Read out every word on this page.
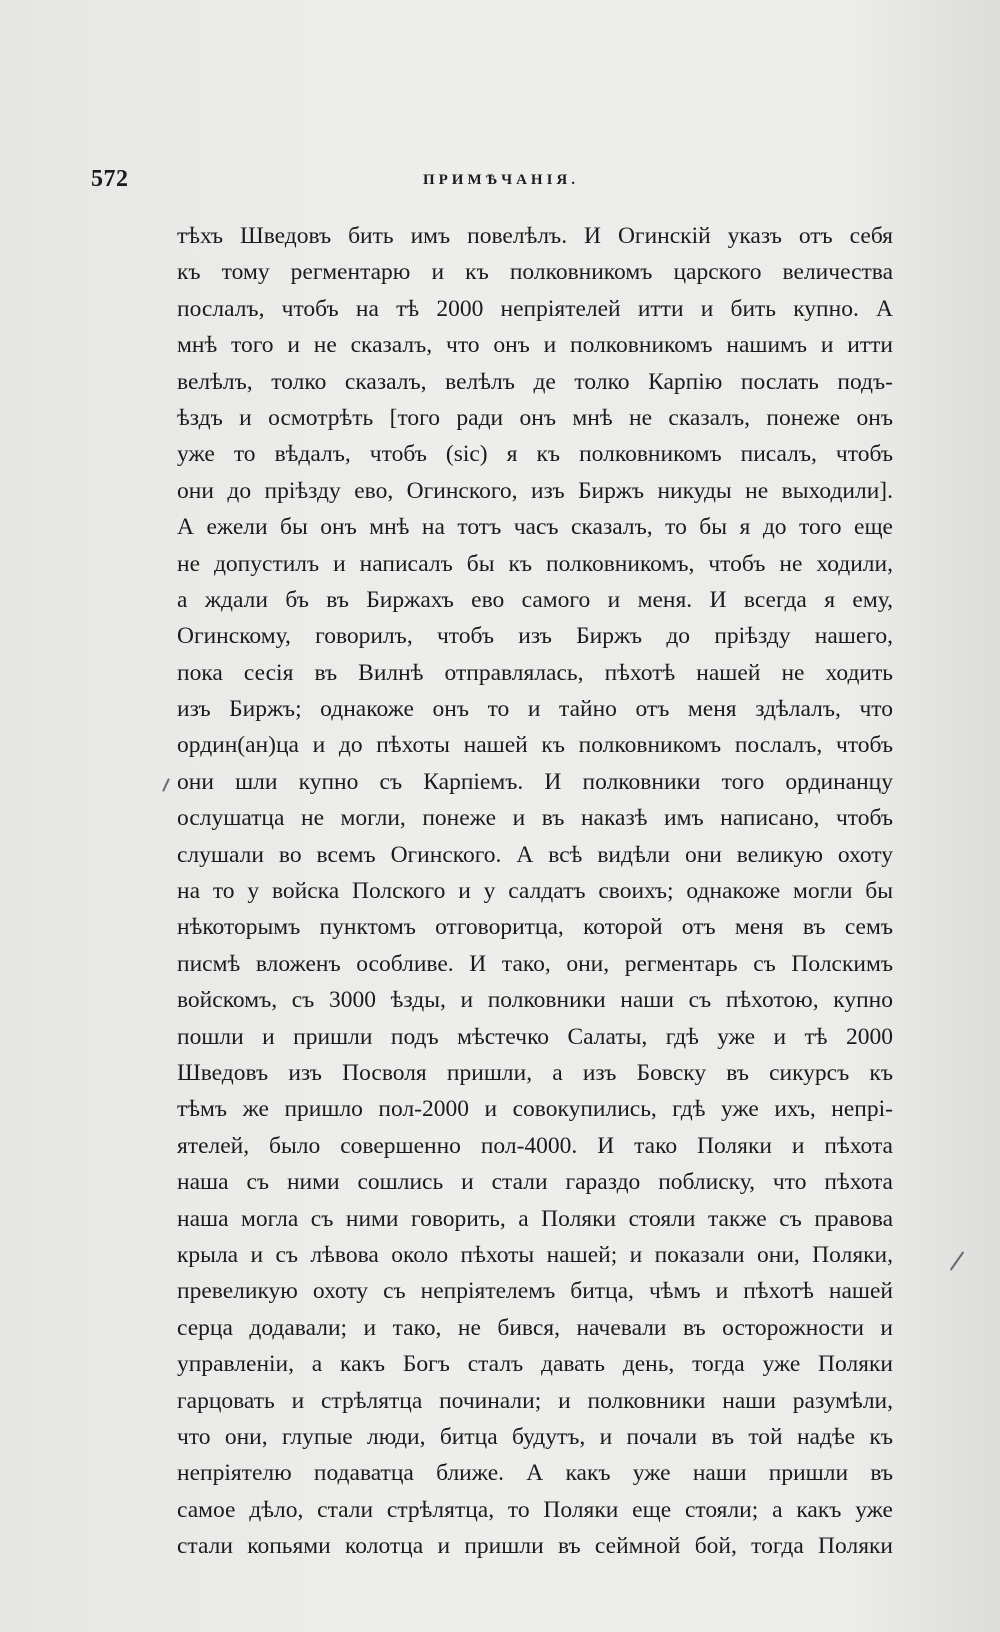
572	ПРИМѢЧАНІЯ.
тѣхъ Шведовъ бить имъ повелѣлъ. И Огинскій указъ отъ себя
къ тому регментарю и къ полковникомъ царского величества
послалъ, чтобъ на тѣ 2000 непріятелей итти и бить купно. А
мнѣ того и не сказалъ, что онъ и полковникомъ нашимъ и итти
велѣлъ, толко сказалъ, велѣлъ де толко Карпію послать подъ-
ѣздъ и осмотрѣть [того ради онъ мнѣ не сказалъ, понеже онъ
уже то вѣдалъ, чтобъ (sic) я къ полковникомъ писалъ, чтобъ
они до пріѣзду ево, Огинского, изъ Биржъ никуды не выходили].
А ежели бы онъ мнѣ на тотъ часъ сказалъ, то бы я до того еще
не допустилъ и написалъ бы къ полковникомъ, чтобъ не ходили,
а ждали бъ въ Биржахъ ево самого и меня. И всегда я ему,
Огинскому, говорилъ, чтобъ изъ Биржъ до пріѣзду нашего,
пока сесія въ Вилнѣ отправлялась, пѣхотѣ нашей не ходить
изъ Биржъ; однакоже онъ то и тайно отъ меня здѣлалъ, что
ордин(ан)ца и до пѣхоты нашей къ полковникомъ послалъ, чтобъ
они шли купно съ Карпіемъ. И полковники того ординанцу
ослушатца не могли, понеже и въ наказѣ имъ написано, чтобъ
слушали во всемъ Огинского. А всѣ видѣли они великую охоту
на то у войска Полского и у салдатъ своихъ; однакоже могли бы
нѣкоторымъ пунктомъ отговоритца, которой отъ меня въ семъ
писмѣ вложенъ особливе. И тако, они, регментарь съ Полскимъ
войскомъ, съ 3000 ѣзды, и полковники наши съ пѣхотою, купно
пошли и пришли подъ мѣстечко Салаты, гдѣ уже и тѣ 2000
Шведовъ изъ Посволя пришли, а изъ Бовску въ сикурсъ къ
тѣмъ же пришло пол-2000 и совокупились, гдѣ уже ихъ, непрі-
ятелей, было совершенно пол-4000. И тако Поляки и пѣхота
наша съ ними сошлись и стали гараздо поблиску, что пѣхота
наша могла съ ними говорить, а Поляки стояли также съ правова
крыла и съ лѣвова около пѣхоты нашей; и показали они, Поляки,
превеликую охоту съ непріятелемъ битца, чѣмъ и пѣхотѣ нашей
серца додавали; и тако, не бився, начевали въ осторожности и
управленіи, а какъ Богъ сталъ давать день, тогда уже Поляки
гарцовать и стрѣлятца починали; и полковники наши разумѣли,
что они, глупые люди, битца будутъ, и почали въ той надѣе къ
непріятелю подаватца ближе. А какъ уже наши пришли въ
самое дѣло, стали стрѣлятца, то Поляки еще стояли; а какъ уже
стали копьями колотца и пришли въ сеймной бой, тогда Поляки
